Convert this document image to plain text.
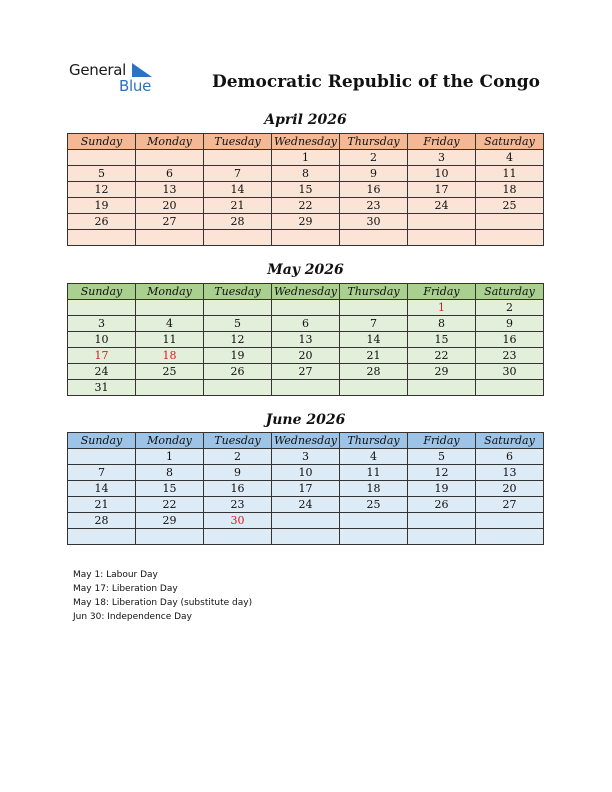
General
Blue	Democratic Republic of the Congo
April 2026
Sunday	Monday	Tuesday	Wednesday	Thursday	Friday	Saturday
			1	2	3	4
5	6	7	8	9	10	11
12	13	14	15	16	17	18
19	20	21	22	23	24	25
26	27	28	29	30		

May 2026
Sunday	Monday	Tuesday	Wednesday	Thursday	Friday	Saturday
					1	2
3	4	5	6	7	8	9
10	11	12	13	14	15	16
17	18	19	20	21	22	23
24	25	26	27	28	29	30
31						
June 2026
Sunday	Monday	Tuesday	Wednesday	Thursday	Friday	Saturday
	1	2	3	4	5	6
7	8	9	10	11	12	13
14	15	16	17	18	19	20
21	22	23	24	25	26	27
28	29	30				

May 1: Labour Day
May 17: Liberation Day
May 18: Liberation Day (substitute day)
Jun 30: Independence Day
